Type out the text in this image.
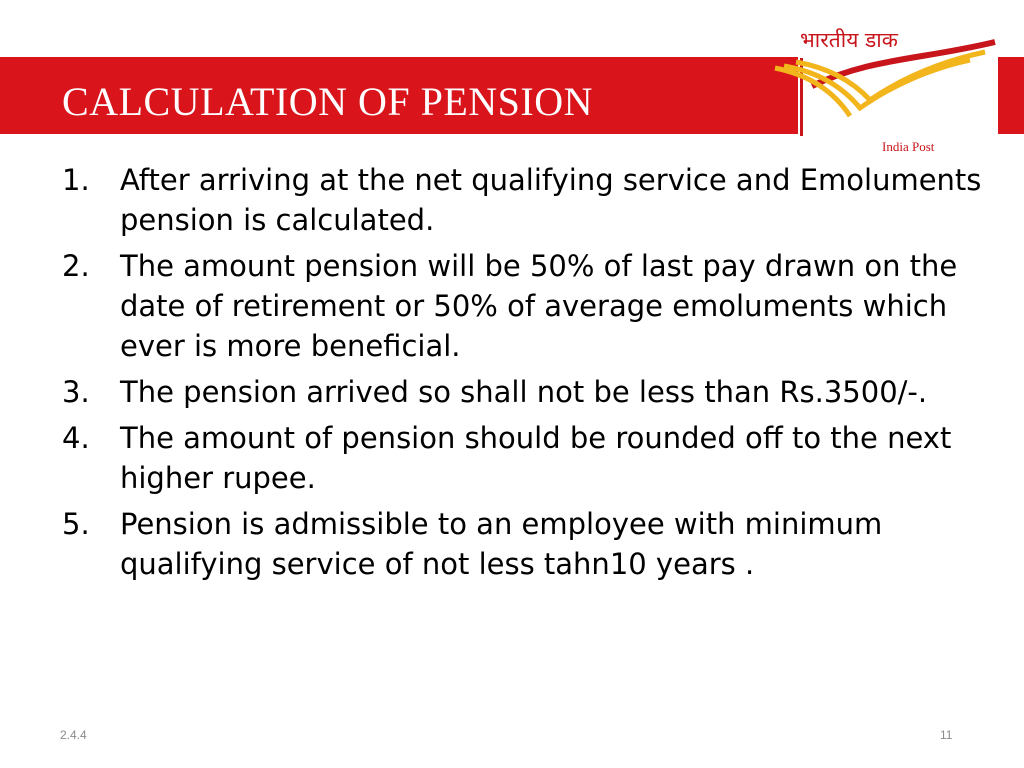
CALCULATION OF PENSION
भारतीय डाक
India Post
1. After arriving at the net qualifying service and Emoluments pension is calculated.
2. The amount pension will be 50% of last pay drawn on the date of retirement or 50% of average emoluments which ever is more beneficial.
3. The pension arrived so shall not be less than Rs.3500/-.
4. The amount of pension should be rounded off to the next higher rupee.
5. Pension is admissible to an employee with minimum qualifying service of not less tahn10 years .
2.4.4	11
